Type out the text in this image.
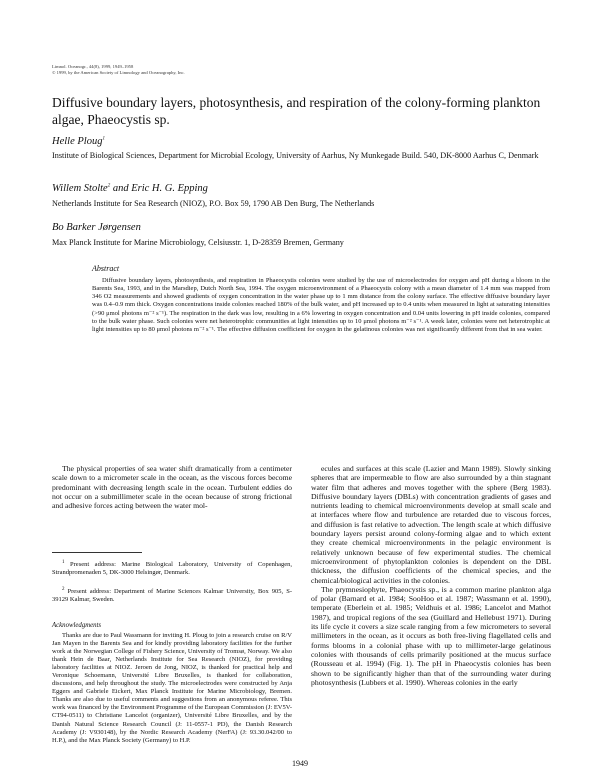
Limnol. Oceanogr., 44(8), 1999, 1949–1958
© 1999, by the American Society of Limnology and Oceanography, Inc.
Diffusive boundary layers, photosynthesis, and respiration of the colony-forming plankton algae, Phaeocystis sp.
Helle Ploug$^1$
Institute of Biological Sciences, Department for Microbial Ecology, University of Aarhus, Ny Munkegade Build. 540, DK-8000 Aarhus C, Denmark
Willem Stolte$^2$ and Eric H. G. Epping
Netherlands Institute for Sea Research (NIOZ), P.O. Box 59, 1790 AB Den Burg, The Netherlands
Bo Barker Jørgensen
Max Planck Institute for Marine Microbiology, Celsiusstr. 1, D-28359 Bremen, Germany
Abstract
Diffusive boundary layers, photosynthesis, and respiration in Phaeocystis colonies were studied by the use of microelectrodes for oxygen and pH during a bloom in the Barents Sea, 1993, and in the Marsdiep, Dutch North Sea, 1994. The oxygen microenvironment of a Phaeocystis colony with a mean diameter of 1.4 mm was mapped from 346 O2 measurements and showed gradients of oxygen concentration in the water phase up to 1 mm distance from the colony surface. The effective diffusive boundary layer was 0.4–0.9 mm thick. Oxygen concentrations inside colonies reached 180% of the bulk water, and pH increased up to 0.4 units when measured in light at saturating intensities (>90 μmol photons m⁻² s⁻¹). The respiration in the dark was low, resulting in a 6% lowering in oxygen concentration and 0.04 units lowering in pH inside colonies, compared to the bulk water phase. Such colonies were net heterotrophic communities at light intensities up to 10 μmol photons m⁻² s⁻¹. A week later, colonies were net heterotrophic at light intensities up to 80 μmol photons m⁻² s⁻¹. The effective diffusion coefficient for oxygen in the gelatinous colonies was not significantly different from that in sea water.

The physical properties of sea water shift dramatically from a centimeter scale down to a micrometer scale in the ocean, as the viscous forces become predominant with decreasing length scale in the ocean. Turbulent eddies do not occur on a submillimeter scale in the ocean because of strong frictional and adhesive forces acting between the water mol-

$^1$ Present address: Marine Biological Laboratory, University of Copenhagen, Strandpromenaden 5, DK-3000 Helsingør, Denmark.
$^2$ Present address: Department of Marine Sciences Kalmar University, Box 905, S-39129 Kalmar, Sweden.
Acknowledgments
Thanks are due to Paul Wassmann for inviting H. Ploug to join a research cruise on R/V Jan Mayen in the Barents Sea and for kindly providing laboratory facilities for the further work at the Norwegian College of Fishery Science, University of Tromsø, Norway. We also thank Hein de Baar, Netherlands Institute for Sea Research (NIOZ), for providing laboratory facilities at NIOZ. Jeroen de Jong, NIOZ, is thanked for practical help and Veronique Schoemann, Université Libre Bruxelles, is thanked for collaboration, discussions, and help throughout the study. The microelectrodes were constructed by Anja Eggers and Gabriele Eickert, Max Planck Institute for Marine Microbiology, Bremen. Thanks are also due to useful comments and suggestions from an anonymous referee. This work was financed by the Environment Programme of the European Commission (J: EV5V-CT94-0511) to Christiane Lancelot (organizer), Université Libre Bruxelles, and by the Danish Natural Science Research Council (J: 11-0557-1 PD), the Danish Research Academy (J: V930148), by the Nordic Research Academy (NerFA) (J: 93.30.042/00 to H.P.), and the Max Planck Society (Germany) to H.P.

ecules and surfaces at this scale (Lazier and Mann 1989). Slowly sinking spheres that are impermeable to flow are also surrounded by a thin stagnant water film that adheres and moves together with the sphere (Berg 1983). Diffusive boundary layers (DBLs) with concentration gradients of gases and nutrients leading to chemical microenvironments develop at small scale and at interfaces where flow and turbulence are retarded due to viscous forces, and diffusion is fast relative to advection. The length scale at which diffusive boundary layers persist around colony-forming algae and to which extent they create chemical microenvironments in the pelagic environment is relatively unknown because of few experimental studies. The chemical microenvironment of phytoplankton colonies is dependent on the DBL thickness, the diffusion coefficients of the chemical species, and the chemical/biological activities in the colonies.

The prymnesiophyte, Phaeocystis sp., is a common marine plankton alga of polar (Barnard et al. 1984; SooHoo et al. 1987; Wassmann et al. 1990), temperate (Eberlein et al. 1985; Veldhuis et al. 1986; Lancelot and Mathot 1987), and tropical regions of the sea (Guillard and Hellebust 1971). During its life cycle it covers a size scale ranging from a few micrometers to several millimeters in the ocean, as it occurs as both free-living flagellated cells and forms blooms in a colonial phase with up to millimeter-large gelatinous colonies with thousands of cells primarily positioned at the mucus surface (Rousseau et al. 1994) (Fig. 1). The pH in Phaeocystis colonies has been shown to be significantly higher than that of the surrounding water during photosynthesis (Lubbers et al. 1990). Whereas colonies in the early

1949
